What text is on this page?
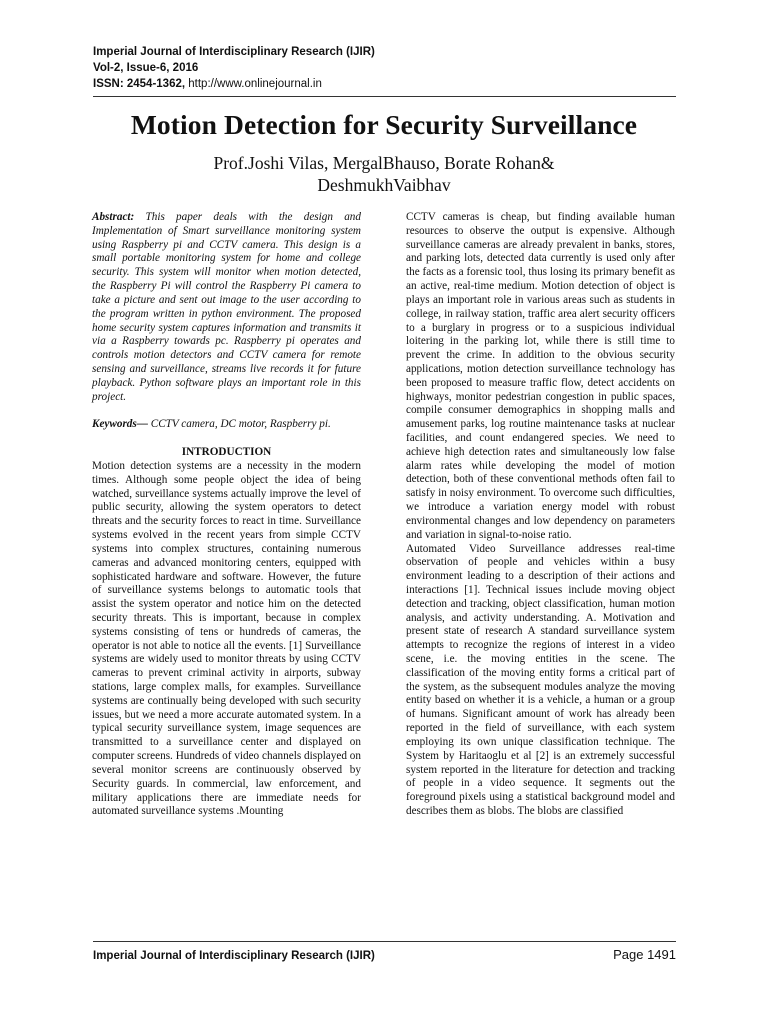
Imperial Journal of Interdisciplinary Research (IJIR)
Vol-2, Issue-6, 2016
ISSN: 2454-1362, http://www.onlinejournal.in
Motion Detection for Security Surveillance
Prof.Joshi Vilas, MergalBhauso, Borate Rohan&
DeshmukhVaibhav

Abstract: This paper deals with the design and Implementation of Smart surveillance monitoring system using Raspberry pi and CCTV camera. This design is a small portable monitoring system for home and college security. This system will monitor when motion detected, the Raspberry Pi will control the Raspberry Pi camera to take a picture and sent out image to the user according to the program written in python environment. The proposed home security system captures information and transmits it via a Raspberry towards pc. Raspberry pi operates and controls motion detectors and CCTV camera for remote sensing and surveillance, streams live records it for future playback. Python software plays an important role in this project.

Keywords— CCTV camera, DC motor, Raspberry pi.

INTRODUCTION

Motion detection systems are a necessity in the modern times. Although some people object the idea of being watched, surveillance systems actually improve the level of public security, allowing the system operators to detect threats and the security forces to react in time. Surveillance systems evolved in the recent years from simple CCTV systems into complex structures, containing numerous cameras and advanced monitoring centers, equipped with sophisticated hardware and software. However, the future of surveillance systems belongs to automatic tools that assist the system operator and notice him on the detected security threats. This is important, because in complex systems consisting of tens or hundreds of cameras, the operator is not able to notice all the events. [1] Surveillance systems are widely used to monitor threats by using CCTV cameras to prevent criminal activity in airports, subway stations, large complex malls, for examples. Surveillance systems are continually being developed with such security issues, but we need a more accurate automated system. In a typical security surveillance system, image sequences are transmitted to a surveillance center and displayed on computer screens. Hundreds of video channels displayed on several monitor screens are continuously observed by Security guards. In commercial, law enforcement, and military applications there are immediate needs for automated surveillance systems .Mounting

CCTV cameras is cheap, but finding available human resources to observe the output is expensive. Although surveillance cameras are already prevalent in banks, stores, and parking lots, detected data currently is used only after the facts as a forensic tool, thus losing its primary benefit as an active, real-time medium. Motion detection of object is plays an important role in various areas such as students in college, in railway station, traffic area alert security officers to a burglary in progress or to a suspicious individual loitering in the parking lot, while there is still time to prevent the crime. In addition to the obvious security applications, motion detection surveillance technology has been proposed to measure traffic flow, detect accidents on highways, monitor pedestrian congestion in public spaces, compile consumer demographics in shopping malls and amusement parks, log routine maintenance tasks at nuclear facilities, and count endangered species. We need to achieve high detection rates and simultaneously low false alarm rates while developing the model of motion detection, both of these conventional methods often fail to satisfy in noisy environment. To overcome such difficulties, we introduce a variation energy model with robust environmental changes and low dependency on parameters and variation in signal-to-noise ratio.

Automated Video Surveillance addresses real-time observation of people and vehicles within a busy environment leading to a description of their actions and interactions [1]. Technical issues include moving object detection and tracking, object classification, human motion analysis, and activity understanding. A. Motivation and present state of research A standard surveillance system attempts to recognize the regions of interest in a video scene, i.e. the moving entities in the scene. The classification of the moving entity forms a critical part of the system, as the subsequent modules analyze the moving entity based on whether it is a vehicle, a human or a group of humans. Significant amount of work has already been reported in the field of surveillance, with each system employing its own unique classification technique. The System by Haritaoglu et al [2] is an extremely successful system reported in the literature for detection and tracking of people in a video sequence. It segments out the foreground pixels using a statistical background model and describes them as blobs. The blobs are classified

Imperial Journal of Interdisciplinary Research (IJIR)	Page 1491
